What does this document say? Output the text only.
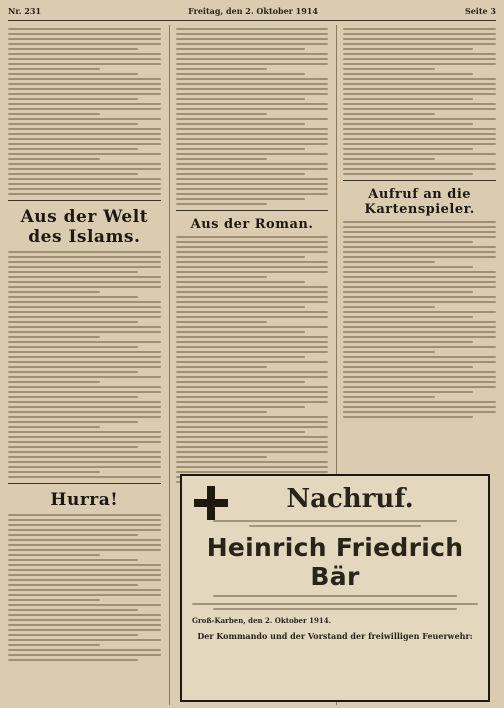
Nr. 231	Freitag, den 2. Oktober 1914	Seite 3
Aus der Welt des Islams.
Hurra!
Aus der Roman.
Aufruf an die Kartenspieler.
Nachruf.
Heinrich Friedrich Bär
Groß-Karben, den 2. Oktober 1914.
Der Kommando und der Vorstand der freiwilligen Feuerwehr:
